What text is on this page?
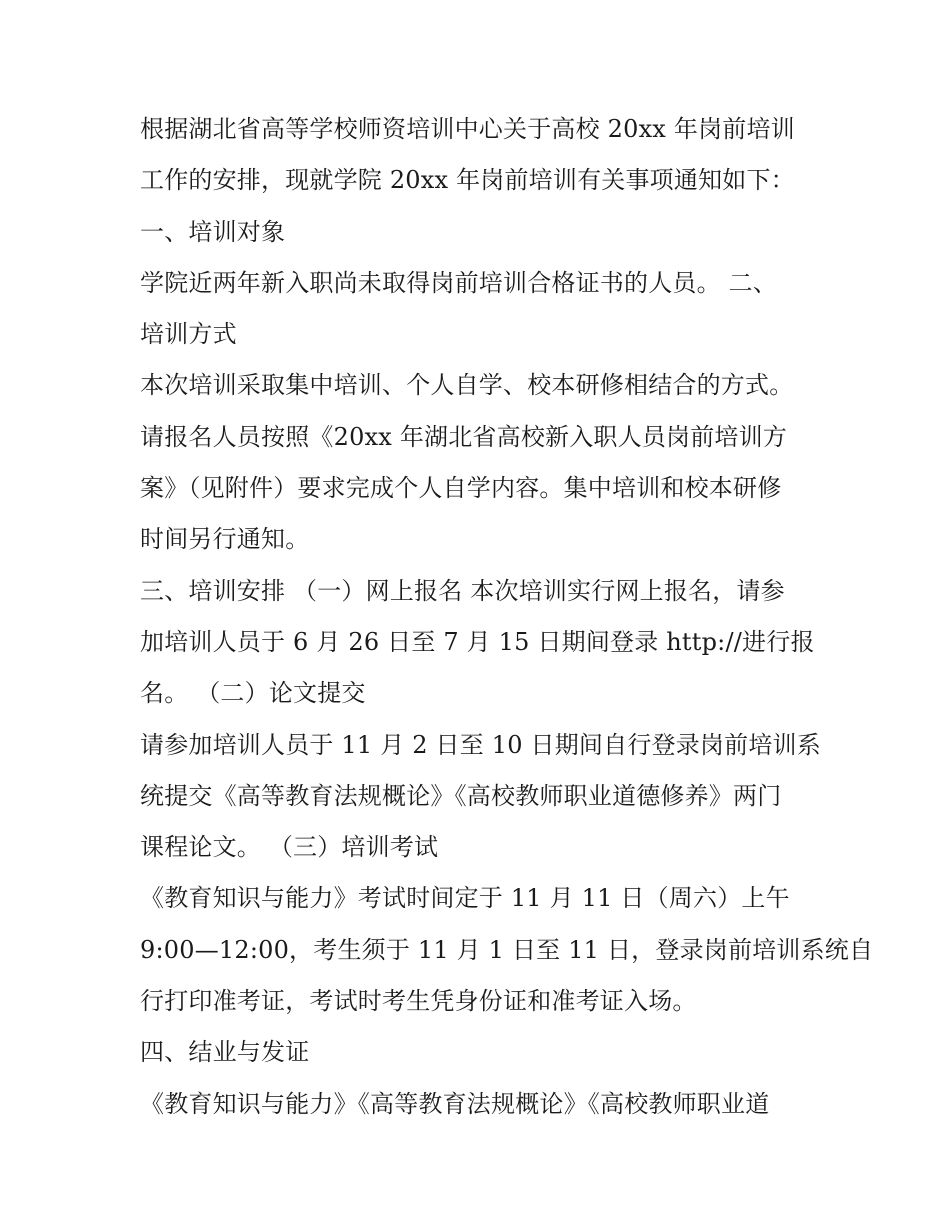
根据湖北省高等学校师资培训中心关于高校 20xx 年岗前培训
工作的安排，现就学院 20xx 年岗前培训有关事项通知如下：
一、培训对象
学院近两年新入职尚未取得岗前培训合格证书的人员。 二、
培训方式
本次培训采取集中培训、个人自学、校本研修相结合的方式。
请报名人员按照《20xx 年湖北省高校新入职人员岗前培训方
案》（见附件）要求完成个人自学内容。集中培训和校本研修
时间另行通知。
三、培训安排 （一）网上报名 本次培训实行网上报名，请参
加培训人员于 6 月 26 日至 7 月 15 日期间登录 http://进行报
名。 （二）论文提交
请参加培训人员于 11 月 2 日至 10 日期间自行登录岗前培训系
统提交《高等教育法规概论》《高校教师职业道德修养》两门
课程论文。 （三）培训考试
《教育知识与能力》考试时间定于 11 月 11 日（周六）上午
9:00—12:00，考生须于 11 月 1 日至 11 日，登录岗前培训系统自
行打印准考证，考试时考生凭身份证和准考证入场。
四、结业与发证
《教育知识与能力》《高等教育法规概论》《高校教师职业道
